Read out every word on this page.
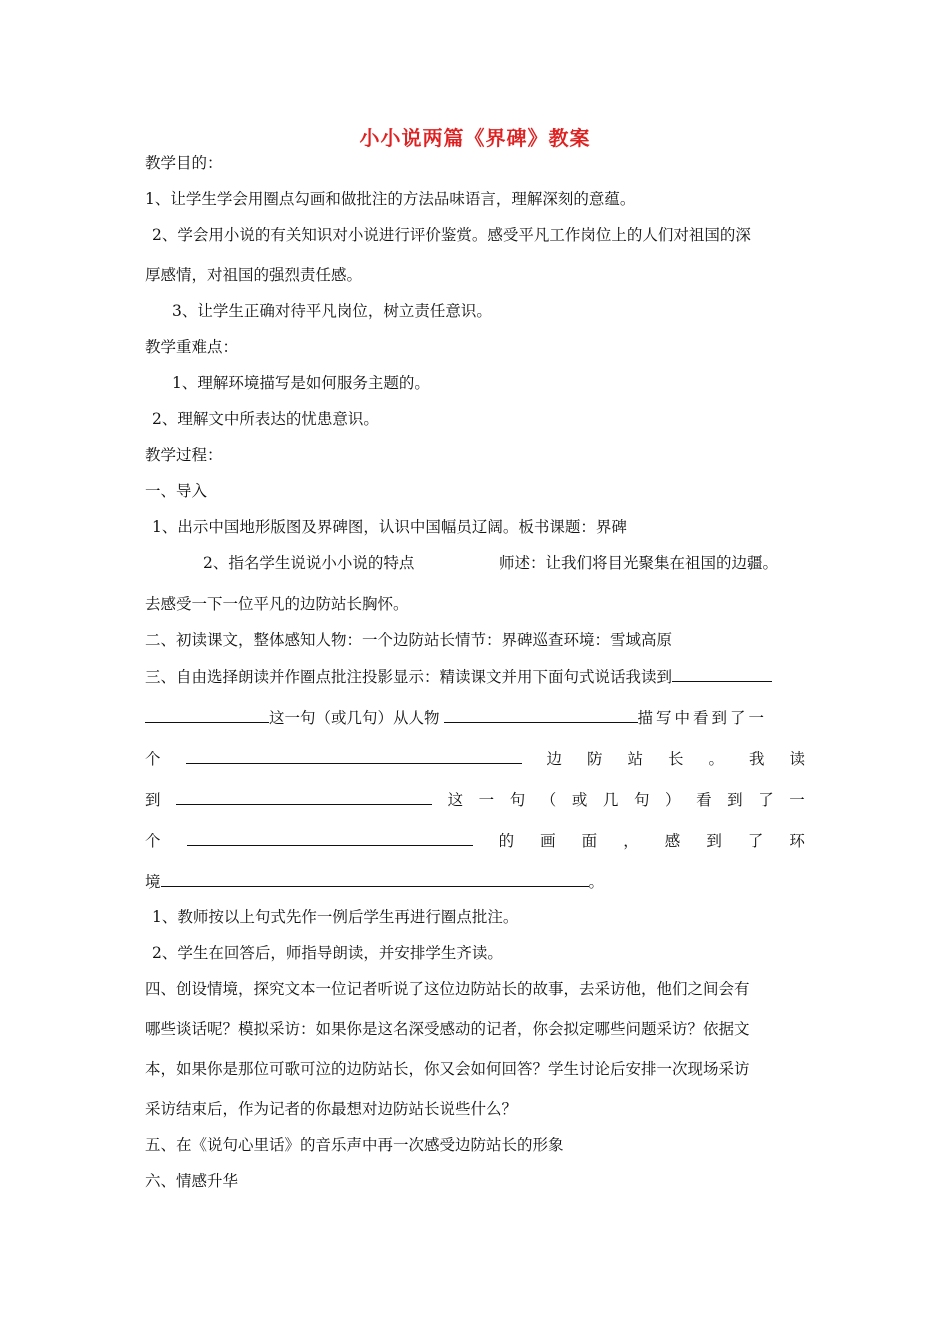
小小说两篇《界碑》教案
教学目的：
1、让学生学会用圈点勾画和做批注的方法品味语言，理解深刻的意蕴。
2、学会用小说的有关知识对小说进行评价鉴赏。感受平凡工作岗位上的人们对祖国的深
厚感情，对祖国的强烈责任感。
3、让学生正确对待平凡岗位，树立责任意识。
教学重难点：
1、理解环境描写是如何服务主题的。
2、理解文中所表达的忧患意识。
教学过程：
一、导入
1、出示中国地形版图及界碑图，认识中国幅员辽阔。板书课题：界碑
2、指名学生说说小小说的特点	师述：让我们将目光聚集在祖国的边疆。
去感受一下一位平凡的边防站长胸怀。
二、初读课文，整体感知人物：一个边防站长情节：界碑巡查环境：雪域高原
三、自由选择朗读并作圈点批注投影显示：精读课文并用下面句式说话我读到
这一句（或几句）从人物	描写中看到了一
个	边 防 站 长 。 我 读
到	这 一 句 （ 或 几 句 ） 看 到 了 一
个	的 画 面 ， 感 到 了 环
境	。
1、教师按以上句式先作一例后学生再进行圈点批注。
2、学生在回答后，师指导朗读，并安排学生齐读。
四、创设情境，探究文本一位记者听说了这位边防站长的故事，去采访他，他们之间会有
哪些谈话呢？模拟采访：如果你是这名深受感动的记者，你会拟定哪些问题采访？依据文
本，如果你是那位可歌可泣的边防站长，你又会如何回答？学生讨论后安排一次现场采访
采访结束后，作为记者的你最想对边防站长说些什么？
五、在《说句心里话》的音乐声中再一次感受边防站长的形象
六、情感升华
